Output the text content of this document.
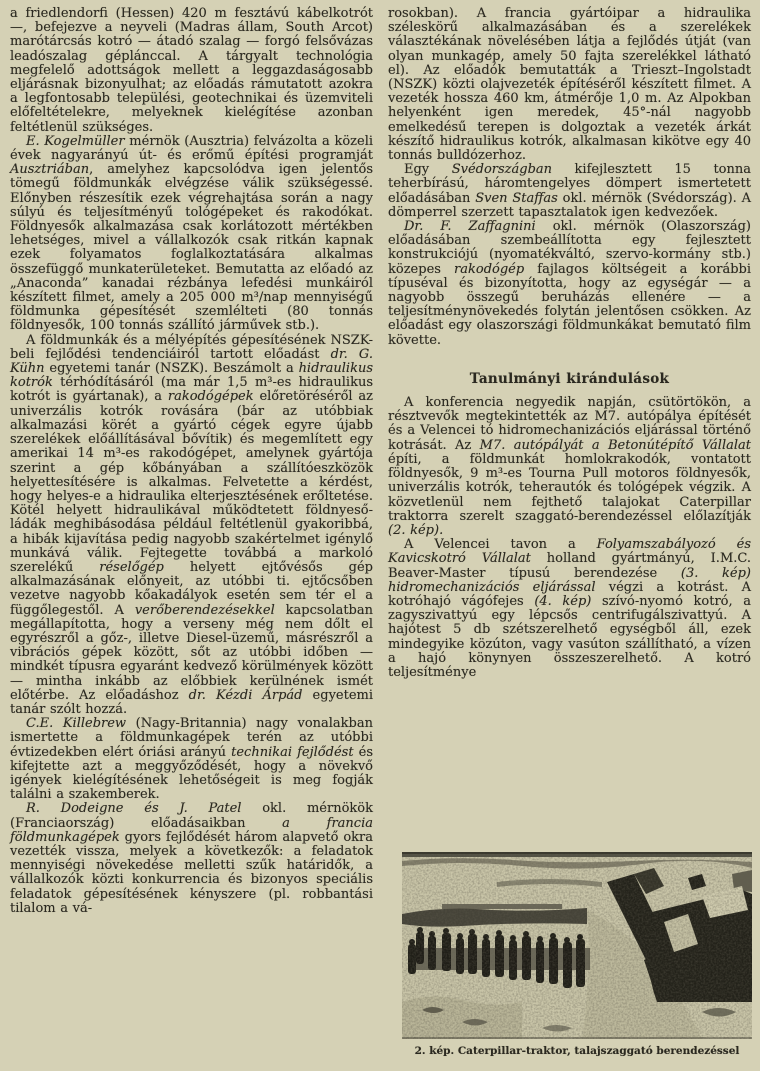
a friedlendorfi (Hessen) 420 m fesztávú kábelkotrót —, befejezve a neyveli (Madras állam, South Arcot) marótárcsás kotró — átadó szalag — forgó felsővázas leadószalag géplánccal. A tárgyalt technológia megfelelő adottságok mellett a leggazdaságosabb eljárásnak bizonyulhat; az előadás rámutatott azokra a legfontosabb települési, geotechnikai és üzemviteli előfeltételekre, melyeknek kielégítése azonban feltétlenül szükséges.

E. Kogelmüller mérnök (Ausztria) felvázolta a közeli évek nagyarányú út- és erőmű építési programját Ausztriában, amelyhez kapcsolódva igen jelentős tömegű földmunkák elvégzése válik szükségessé. Előnyben részesítik ezek végrehajtása során a nagy súlyú és teljesítményű tológépeket és rakodókat. Földnyesők alkalmazása csak korlátozott mértékben lehetséges, mivel a vállalkozók csak ritkán kapnak ezek folyamatos foglalkoztatására alkalmas összefüggő munkaterületeket. Bemutatta az előadó az „Anaconda” kanadai rézbánya lefedési munkáiról készített filmet, amely a 205 000 m³/nap mennyiségű földmunka gépesítését szemlélteti (80 tonnás földnyesők, 100 tonnás szállító járművek stb.).

A földmunkák és a mélyépítés gépesítésének NSZK-beli fejlődési tendenciáiról tartott előadást dr. G. Kühn egyetemi tanár (NSZK). Beszámolt a hidraulikus kotrók térhódításáról (ma már 1,5 m³-es hidraulikus kotrót is gyártanak), a rakodógépek előretöréséről az univerzális kotrók rovására (bár az utóbbiak alkalmazási körét a gyártó cégek egyre újabb szerelékek előállításával bővítik) és megemlített egy amerikai 14 m³-es rakodógépet, amelynek gyártója szerint a gép kőbányában a szállítóeszközök helyettesítésére is alkalmas. Felvetette a kérdést, hogy helyes-e a hidraulika elterjesztésének erőltetése. Kötél helyett hidraulikával működtetett földnyeső-ládák meghibásodása például feltétlenül gyakoribbá, a hibák kijavítása pedig nagyobb szakértelmet igénylő munkává válik. Fejtegette továbbá a markoló szerelékű réselőgép helyett ejtővésős gép alkalmazásának előnyeit, az utóbbi ti. ejtőcsőben vezetve nagyobb kőakadályok esetén sem tér el a függőlegestől. A verőberendezésekkel kapcsolatban megállapította, hogy a verseny még nem dőlt el egyrészről a gőz-, illetve Diesel-üzemű, másrészről a vibrációs gépek között, sőt az utóbbi időben — mindkét típusra egyaránt kedvező körülmények között — mintha inkább az előbbiek kerülnének ismét előtérbe. Az előadáshoz dr. Kézdi Árpád egyetemi tanár szólt hozzá.

C.E. Killebrew (Nagy-Britannia) nagy vonalakban ismertette a földmunkagépek terén az utóbbi évtizedekben elért óriási arányú technikai fejlődést és kifejtette azt a meggyőződését, hogy a növekvő igények kielégítésének lehetőségeit is meg fogják találni a szakemberek.

R. Dodeigne és J. Patel okl. mérnökök (Franciaország) előadásaikban a francia földmunkagépek gyors fejlődését három alapvető okra vezették vissza, melyek a következők: a feladatok mennyiségi növekedése melletti szűk határidők, a vállalkozók közti konkurrencia és bizonyos speciális feladatok gépesítésének kényszere (pl. robbantási tilalom a vá-

rosokban). A francia gyártóipar a hidraulika széleskörű alkalmazásában és a szerelékek választékának növelésében látja a fejlődés útját (van olyan munkagép, amely 50 fajta szerelékkel látható el). Az előadók bemutatták a Trieszt–Ingolstadt (NSZK) közti olajvezeték építéséről készített filmet. A vezeték hossza 460 km, átmérője 1,0 m. Az Alpokban helyenként igen meredek, 45°-nál nagyobb emelkedésű terepen is dolgoztak a vezeték árkát készítő hidraulikus kotrók, alkalmasan kikötve egy 40 tonnás bulldózerhoz.

Egy Svédországban kifejlesztett 15 tonna teherbírású, háromtengelyes dömpert ismertetett előadásában Sven Staffas okl. mérnök (Svédország). A dömperrel szerzett tapasztalatok igen kedvezőek.

Dr. F. Zaffagnini okl. mérnök (Olaszország) előadásában szembeállította egy fejlesztett konstrukciójú (nyomatékváltó, szervo-kormány stb.) közepes rakodógép fajlagos költségeit a korábbi típuséval és bizonyította, hogy az egységár — a nagyobb összegű beruházás ellenére — a teljesítménynövekedés folytán jelentősen csökken. Az előadást egy olaszországi földmunkákat bemutató film követte.

Tanulmányi kirándulások

A konferencia negyedik napján, csütörtökön, a résztvevők megtekintették az M7. autópálya építését és a Velencei tó hidromechanizációs eljárással történő kotrását. Az M7. autópályát a Betonútépítő Vállalat építi, a földmunkát homlokrakodók, vontatott földnyesők, 9 m³-es Tourna Pull motoros földnyesők, univerzális kotrók, teherautók és tológépek végzik. A közvetlenül nem fejthető talajokat Caterpillar traktorra szerelt szaggató-berendezéssel előlazítják (2. kép).

A Velencei tavon a Folyamszabályozó és Kavicskotró Vállalat holland gyártmányú, I.M.C. Beaver-Master típusú berendezése (3. kép) hidromechanizációs eljárással végzi a kotrást. A kotróhajó vágófejes (4. kép) szívó-nyomó kotró, a zagyszivattyú egy lépcsős centrifugálszivattyú. A hajótest 5 db szétszerelhető egységből áll, ezek mindegyike közúton, vagy vasúton szállítható, a vízen a hajó könynyen összeszerelhető. A kotró teljesítménye

2. kép. Caterpillar-traktor, talajszaggató berendezéssel
